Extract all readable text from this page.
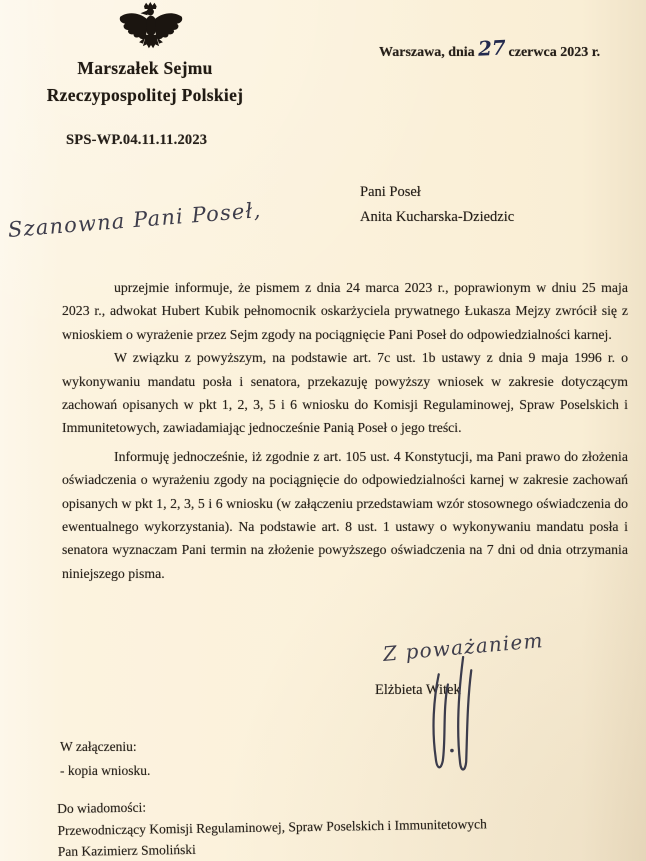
Marszałek Sejmu
Rzeczypospolitej Polskiej
Warszawa, dnia 27 czerwca 2023 r.
SPS-WP.04.11.11.2023
Pani Poseł
Anita Kucharska-Dziedzic
Szanowna Pani Poseł,

uprzejmie informuje, że pismem z dnia 24 marca 2023 r., poprawionym w dniu 25 maja 2023 r., adwokat Hubert Kubik pełnomocnik oskarżyciela prywatnego Łukasza Mejzy zwrócił się z wnioskiem o wyrażenie przez Sejm zgody na pociągnięcie Pani Poseł do odpowiedzialności karnej.

W związku z powyższym, na podstawie art. 7c ust. 1b ustawy z dnia 9 maja 1996 r. o wykonywaniu mandatu posła i senatora, przekazuję powyższy wniosek w zakresie dotyczącym zachowań opisanych w pkt 1, 2, 3, 5 i 6 wniosku do Komisji Regulaminowej, Spraw Poselskich i Immunitetowych, zawiadamiając jednocześnie Panią Poseł o jego treści.

Informuję jednocześnie, iż zgodnie z art. 105 ust. 4 Konstytucji, ma Pani prawo do złożenia oświadczenia o wyrażeniu zgody na pociągnięcie do odpowiedzialności karnej w zakresie zachowań opisanych w pkt 1, 2, 3, 5 i 6 wniosku (w załączeniu przedstawiam wzór stosownego oświadczenia do ewentualnego wykorzystania). Na podstawie art. 8 ust. 1 ustawy o wykonywaniu mandatu posła i senatora wyznaczam Pani termin na złożenie powyższego oświadczenia na 7 dni od dnia otrzymania niniejszego pisma.

Z poważaniem
Elżbieta Witek
W załączeniu:
- kopia wniosku.
Do wiadomości:
Przewodniczący Komisji Regulaminowej, Spraw Poselskich i Immunitetowych
Pan Kazimierz Smoliński
